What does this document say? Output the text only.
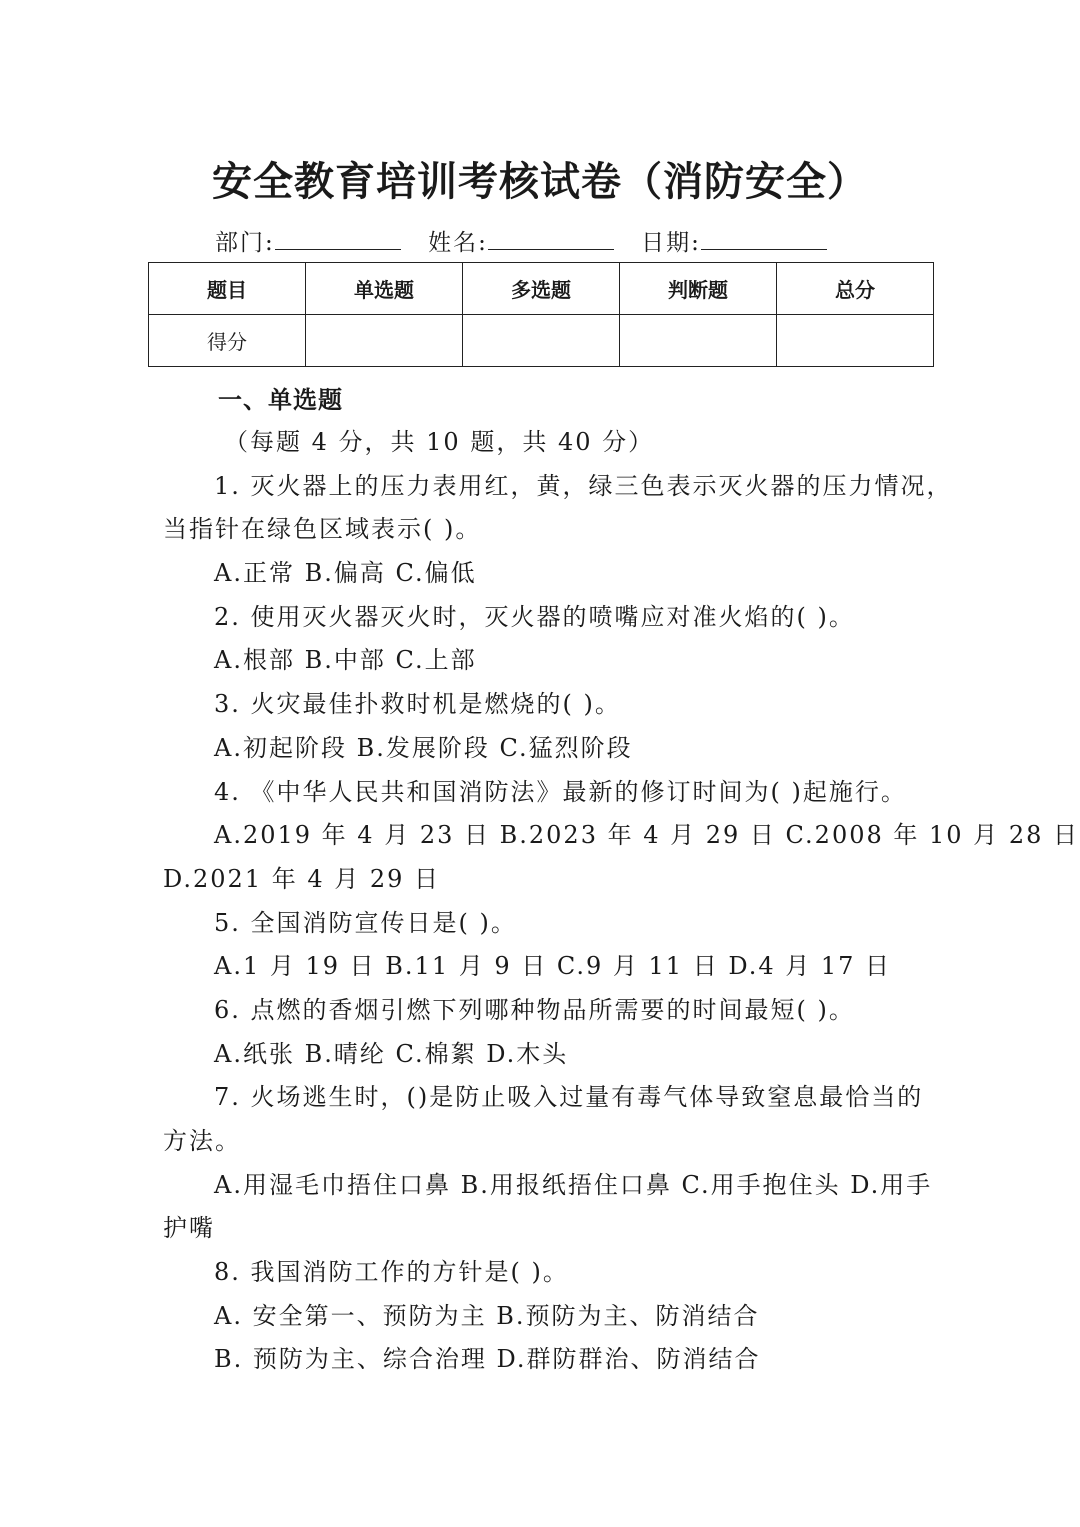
安全教育培训考核试卷（消防安全）
部门:	姓名:	日期:
题目	单选题	多选题	判断题	总分
得分				
一、单选题
（每题 4 分，共 10 题，共 40 分）
1. 灭火器上的压力表用红，黄，绿三色表示灭火器的压力情况，
当指针在绿色区域表示( )。
A.正常 B.偏高 C.偏低
2. 使用灭火器灭火时，灭火器的喷嘴应对准火焰的( )。
A.根部 B.中部 C.上部
3. 火灾最佳扑救时机是燃烧的( )。
A.初起阶段 B.发展阶段 C.猛烈阶段
4. 《中华人民共和国消防法》最新的修订时间为( )起施行。
A.2019 年 4 月 23 日 B.2023 年 4 月 29 日 C.2008 年 10 月 28 日
D.2021 年 4 月 29 日
5. 全国消防宣传日是( )。
A.1 月 19 日 B.11 月 9 日 C.9 月 11 日 D.4 月 17 日
6. 点燃的香烟引燃下列哪种物品所需要的时间最短( )。
A.纸张 B.晴纶 C.棉絮 D.木头
7. 火场逃生时，()是防止吸入过量有毒气体导致窒息最恰当的
方法。
A.用湿毛巾捂住口鼻 B.用报纸捂住口鼻 C.用手抱住头 D.用手
护嘴
8. 我国消防工作的方针是( )。
A. 安全第一、预防为主 B.预防为主、防消结合
B. 预防为主、综合治理 D.群防群治、防消结合
